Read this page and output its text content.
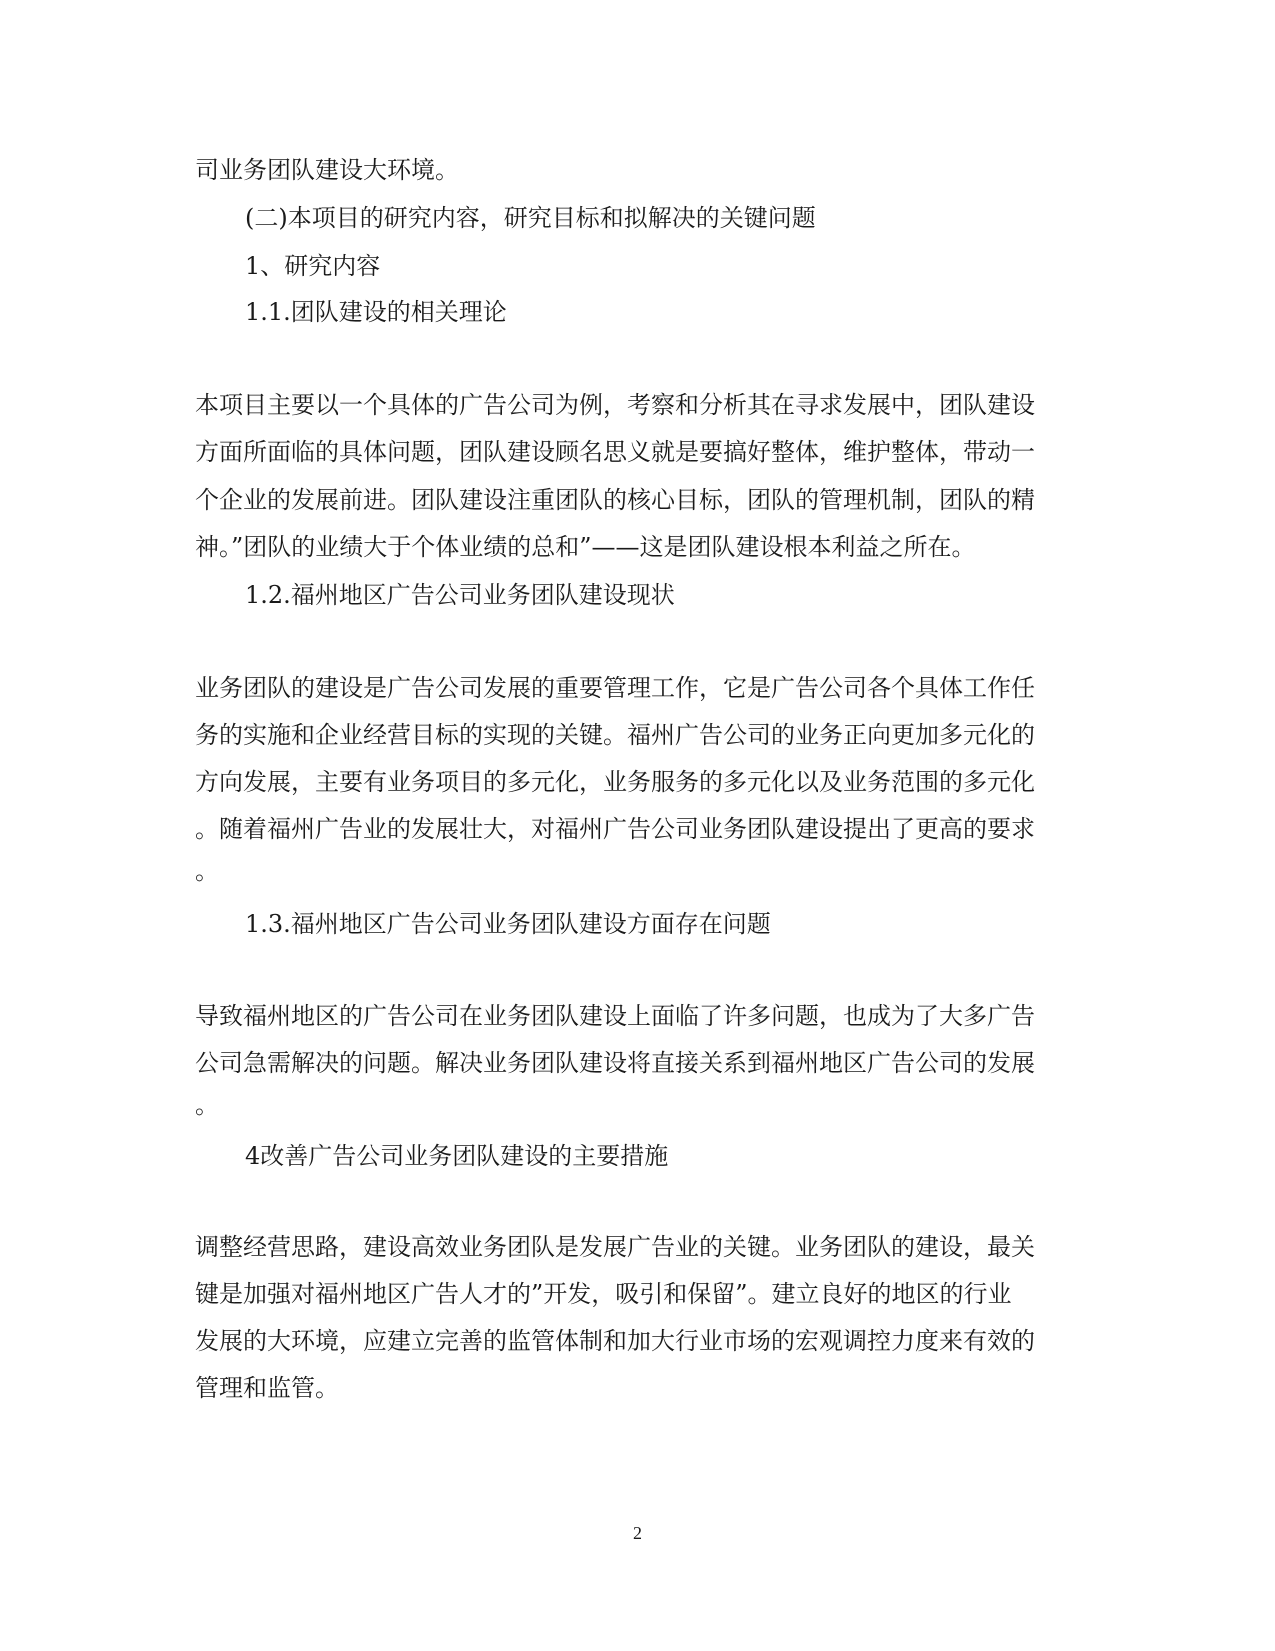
司业务团队建设大环境。

(二)本项目的研究内容，研究目标和拟解决的关键问题

1、研究内容

1.1.团队建设的相关理论

本项目主要以一个具体的广告公司为例，考察和分析其在寻求发展中，团队建设

方面所面临的具体问题，团队建设顾名思义就是要搞好整体，维护整体，带动一

个企业的发展前进。团队建设注重团队的核心目标，团队的管理机制，团队的精

神。”团队的业绩大于个体业绩的总和”——这是团队建设根本利益之所在。

1.2.福州地区广告公司业务团队建设现状

业务团队的建设是广告公司发展的重要管理工作，它是广告公司各个具体工作任

务的实施和企业经营目标的实现的关键。福州广告公司的业务正向更加多元化的

方向发展，主要有业务项目的多元化，业务服务的多元化以及业务范围的多元化

。随着福州广告业的发展壮大，对福州广告公司业务团队建设提出了更高的要求

。

1.3.福州地区广告公司业务团队建设方面存在问题

导致福州地区的广告公司在业务团队建设上面临了许多问题，也成为了大多广告

公司急需解决的问题。解决业务团队建设将直接关系到福州地区广告公司的发展

。

4改善广告公司业务团队建设的主要措施

调整经营思路，建设高效业务团队是发展广告业的关键。业务团队的建设，最关

键是加强对福州地区广告人才的”开发，吸引和保留”。建立良好的地区的行业

发展的大环境，应建立完善的监管体制和加大行业市场的宏观调控力度来有效的

管理和监管。

2
